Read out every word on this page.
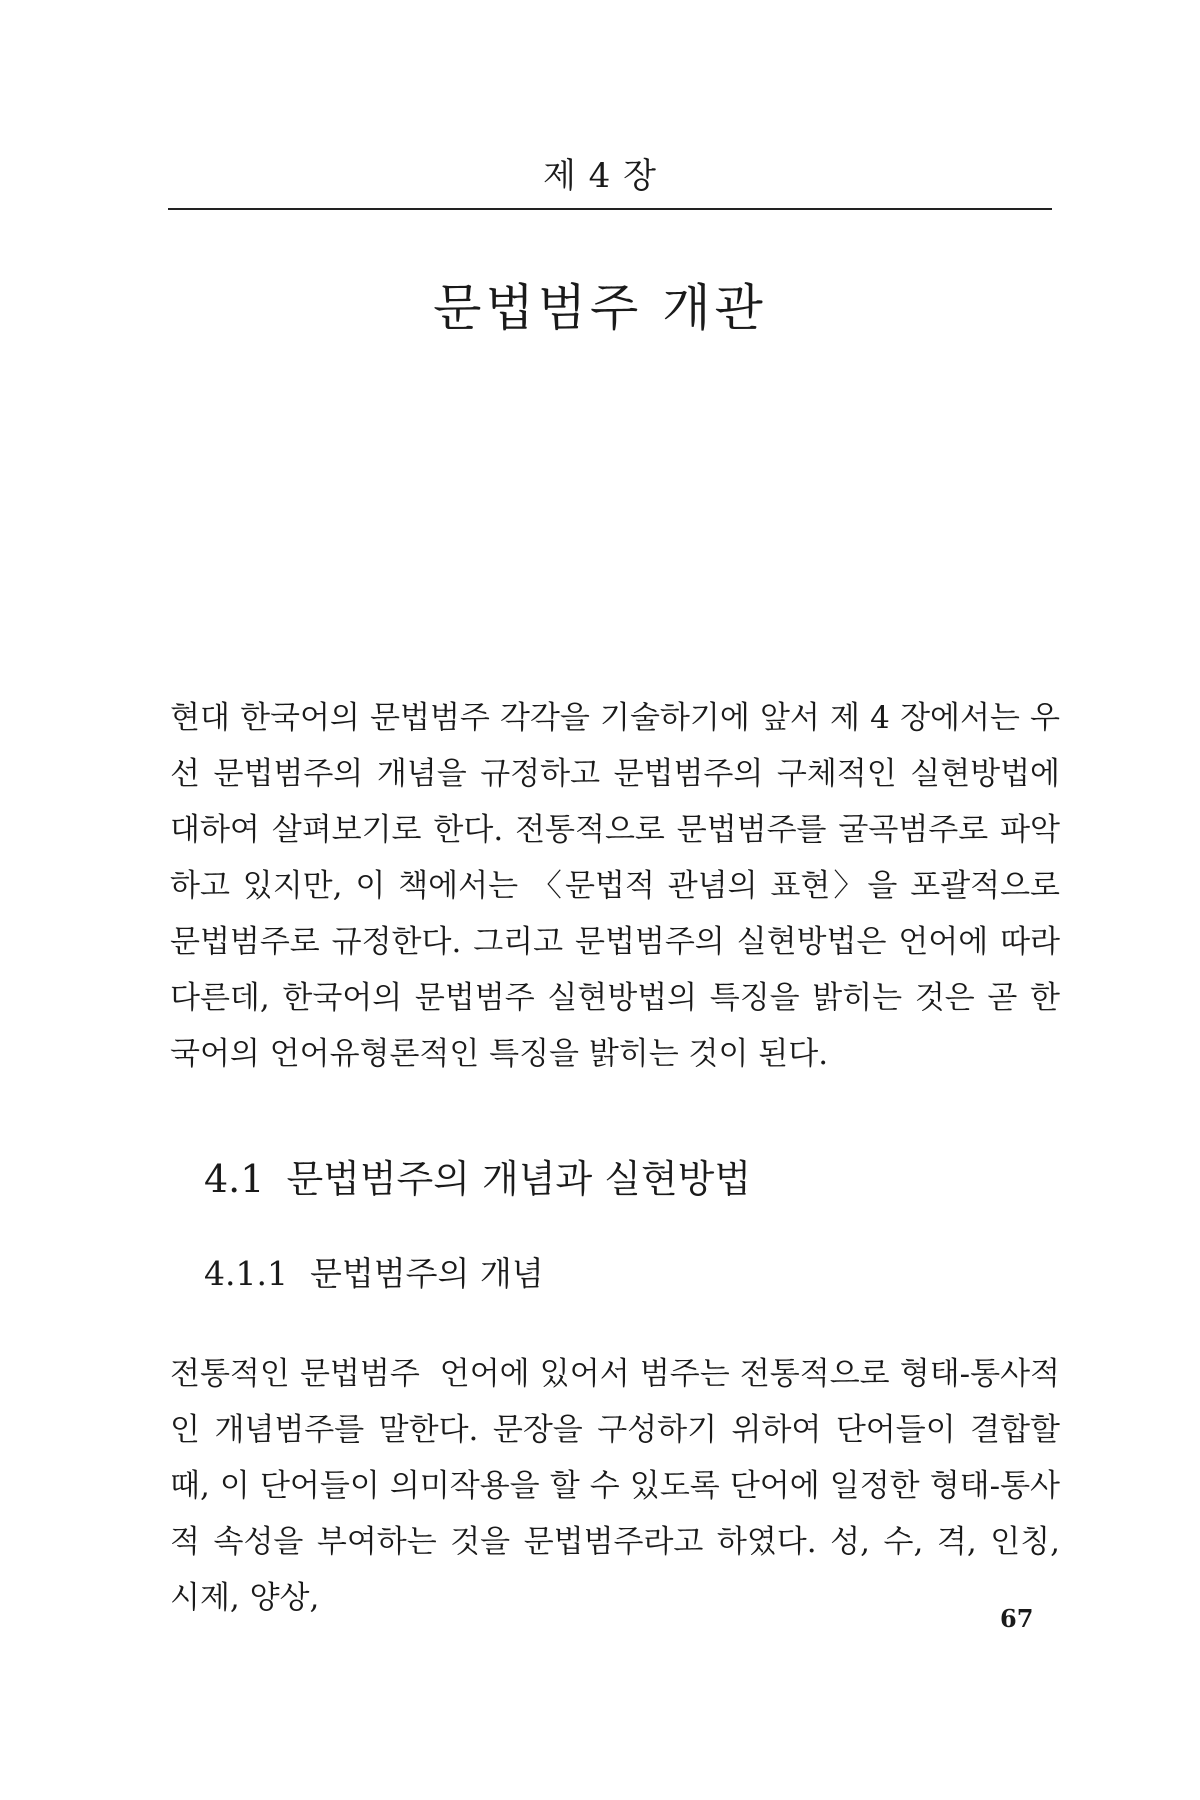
제 4 장
문법범주 개관

현대 한국어의 문법범주 각각을 기술하기에 앞서 제 4 장에서는 우선 문법범주의 개념을 규정하고 문법범주의 구체적인 실현방법에 대하여 살펴보기로 한다. 전통적으로 문법범주를 굴곡범주로 파악하고 있지만, 이 책에서는 〈문법적 관념의 표현〉을 포괄적으로 문법범주로 규정한다. 그리고 문법범주의 실현방법은 언어에 따라 다른데, 한국어의 문법범주 실현방법의 특징을 밝히는 것은 곧 한국어의 언어유형론적인 특징을 밝히는 것이 된다.

4.1 문법범주의 개념과 실현방법
4.1.1 문법범주의 개념

전통적인 문법범주 언어에 있어서 범주는 전통적으로 형태-통사적인 개념범주를 말한다. 문장을 구성하기 위하여 단어들이 결합할 때, 이 단어들이 의미작용을 할 수 있도록 단어에 일정한 형태-통사적 속성을 부여하는 것을 문법범주라고 하였다. 성, 수, 격, 인칭, 시제, 양상,

67
